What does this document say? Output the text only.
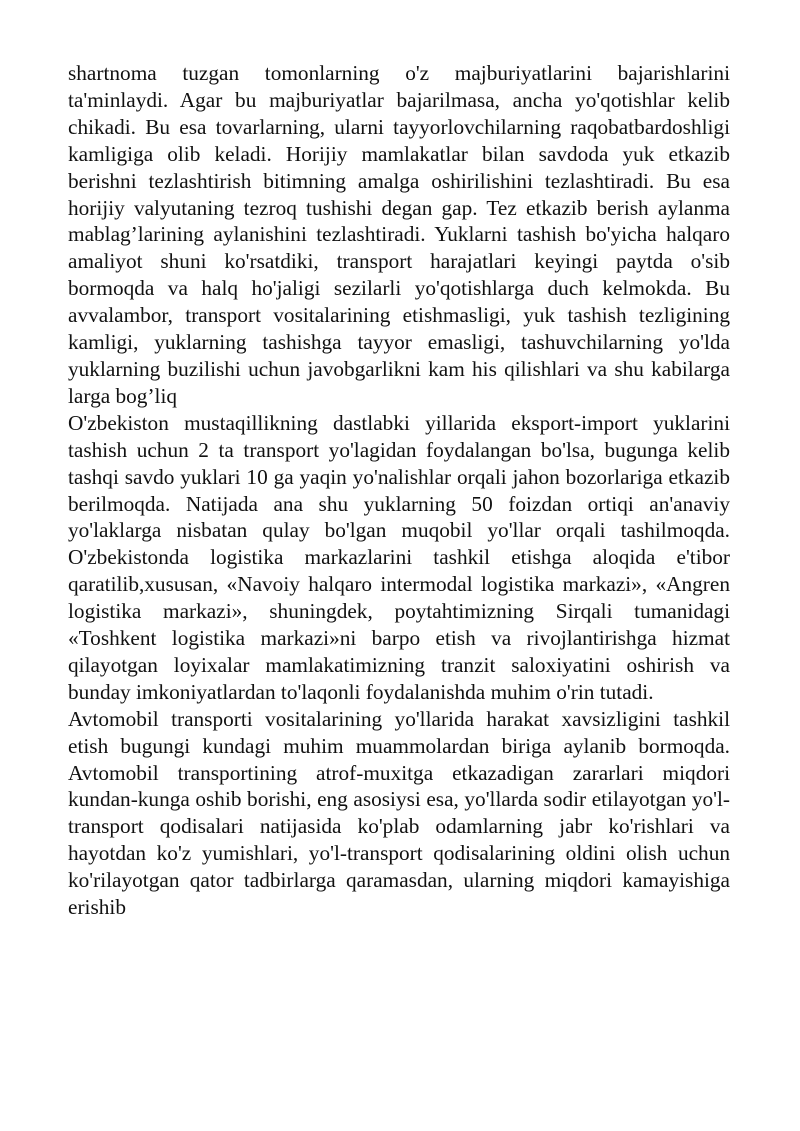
shartnoma tuzgan tomonlarning o'z majburiyatlarini bajarishlarini ta'minlaydi. Agar bu majburiyatlar bajarilmasa, ancha yo'qotishlar kelib chikadi. Bu esa tovarlarning, ularni tayyorlovchilarning raqobatbardoshligi kamligiga olib keladi. Horijiy mamlakatlar bilan savdoda yuk etkazib berishni tezlashtirish bitimning amalga oshirilishini tezlashtiradi. Bu esa horijiy valyutaning tezroq tushishi degan gap. Tez etkazib berish aylanma mablag’larining aylanishini tezlashtiradi. Yuklarni tashish bo'yicha halqaro amaliyot shuni ko'rsatdiki, transport harajatlari keyingi paytda o'sib bormoqda va halq ho'jaligi sezilarli yo'qotishlarga duch kelmokda. Bu avvalambor, transport vositalarining etishmasligi, yuk tashish tezligining kamligi, yuklarning tashishga tayyor emasligi, tashuvchilarning yo'lda yuklarning buzilishi uchun javobgarlikni kam his qilishlari va shu kabilarga larga bog’liq

O'zbekiston mustaqillikning dastlabki yillarida eksport-import yuklarini tashish uchun 2 ta transport yo'lagidan foydalangan bo'lsa, bugunga kelib tashqi savdo yuklari 10 ga yaqin yo'nalishlar orqali jahon bozorlariga etkazib berilmoqda. Natijada ana shu yuklarning 50 foizdan ortiqi an'anaviy yo'laklarga nisbatan qulay bo'lgan muqobil yo'llar orqali tashilmoqda. O'zbekistonda logistika markazlarini tashkil etishga aloqida e'tibor qaratilib,xususan, «Navoiy halqaro intermodal logistika markazi», «Angren logistika markazi», shuningdek, poytahtimizning Sirqali tumanidagi «Toshkent logistika markazi»ni barpo etish va rivojlantirishga hizmat qilayotgan loyixalar mamlakatimizning tranzit saloxiyatini oshirish va bunday imkoniyatlardan to'laqonli foydalanishda muhim o'rin tutadi.

Avtomobil transporti vositalarining yo'llarida harakat xavsizligini tashkil etish bugungi kundagi muhim muammolardan biriga aylanib bormoqda. Avtomobil transportining atrof-muxitga etkazadigan zararlari miqdori kundan-kunga oshib borishi, eng asosiysi esa, yo'llarda sodir etilayotgan yo'l-transport qodisalari natijasida ko'plab odamlarning jabr ko'rishlari va hayotdan ko'z yumishlari, yo'l-transport qodisalarining oldini olish uchun ko'rilayotgan qator tadbirlarga qaramasdan, ularning miqdori kamayishiga erishib
